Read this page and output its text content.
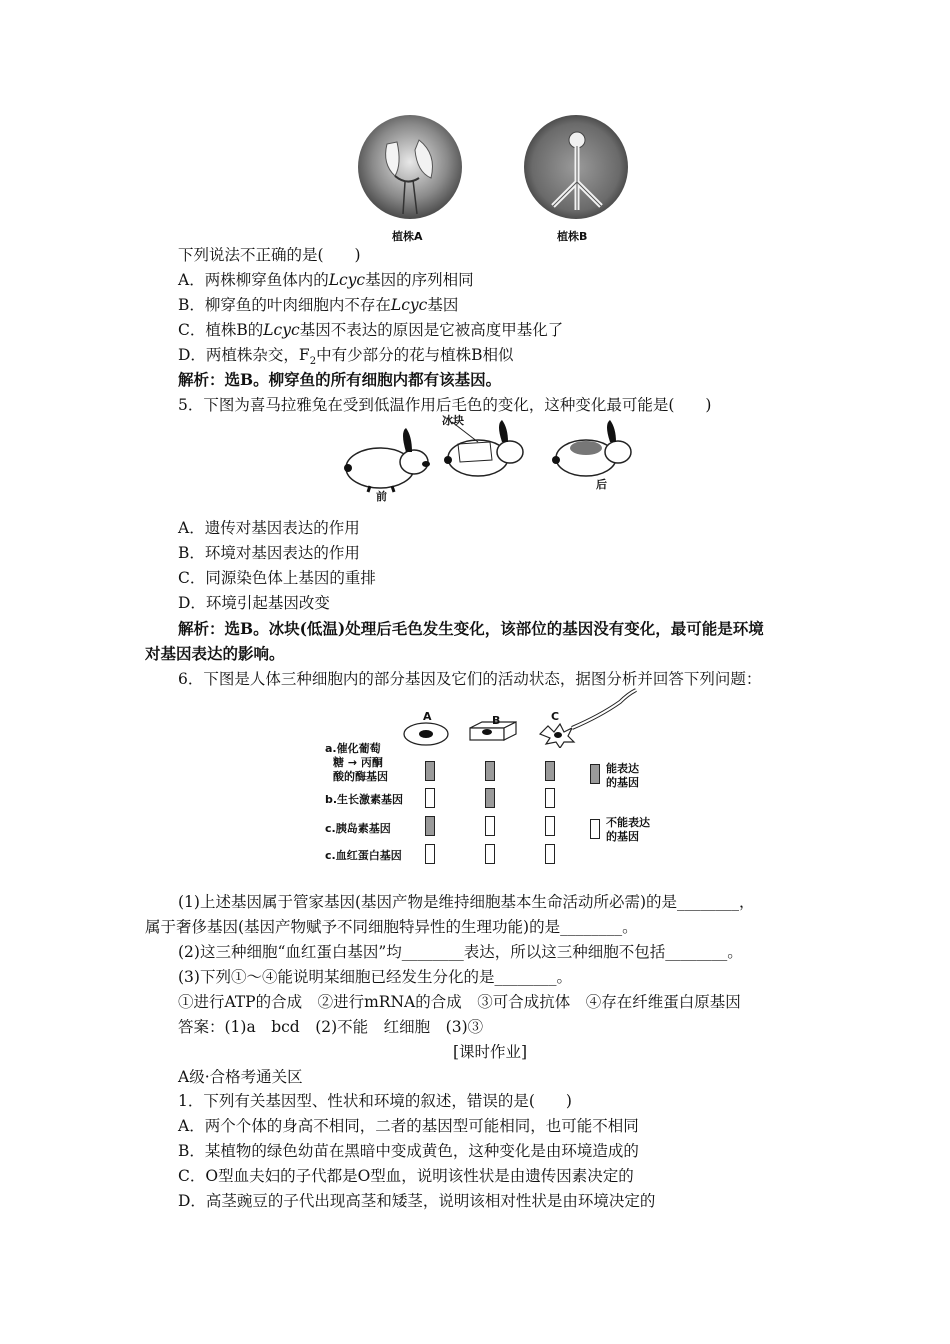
植株A	植株B
下列说法不正确的是(　　)
A．两株柳穿鱼体内的Lcyc基因的序列相同
B．柳穿鱼的叶肉细胞内不存在Lcyc基因
C．植株B的Lcyc基因不表达的原因是它被高度甲基化了
D．两植株杂交，$F_2$中有少部分的花与植株B相似
解析：选B。柳穿鱼的所有细胞内都有该基因。
5．下图为喜马拉雅兔在受到低温作用后毛色的变化，这种变化最可能是(　　)
冰块
前
后
A．遗传对基因表达的作用
B．环境对基因表达的作用
C．同源染色体上基因的重排
D．环境引起基因改变
解析：选B。冰块(低温)处理后毛色发生变化，该部位的基因没有变化，最可能是环境
对基因表达的影响。
6．下图是人体三种细胞内的部分基因及它们的活动状态，据图分析并回答下列问题：
A	B	C
a.催化葡萄
糖 → 丙酮
酸的酶基因
b.生长激素基因
c.胰岛素基因
c.血红蛋白基因
能表达
的基因
不能表达
的基因
(1)上述基因属于管家基因(基因产物是维持细胞基本生命活动所必需)的是________，
属于奢侈基因(基因产物赋予不同细胞特异性的生理功能)的是________。
(2)这三种细胞“血红蛋白基因”均________表达，所以这三种细胞不包括________。
(3)下列①～④能说明某细胞已经发生分化的是________。
①进行ATP的合成　②进行mRNA的合成　③可合成抗体　④存在纤维蛋白原基因
答案：(1)a　bcd　(2)不能　红细胞　(3)③
[课时作业]
A级·合格考通关区
1．下列有关基因型、性状和环境的叙述，错误的是(　　)
A．两个个体的身高不相同，二者的基因型可能相同，也可能不相同
B．某植物的绿色幼苗在黑暗中变成黄色，这种变化是由环境造成的
C．O型血夫妇的子代都是O型血，说明该性状是由遗传因素决定的
D．高茎豌豆的子代出现高茎和矮茎，说明该相对性状是由环境决定的
